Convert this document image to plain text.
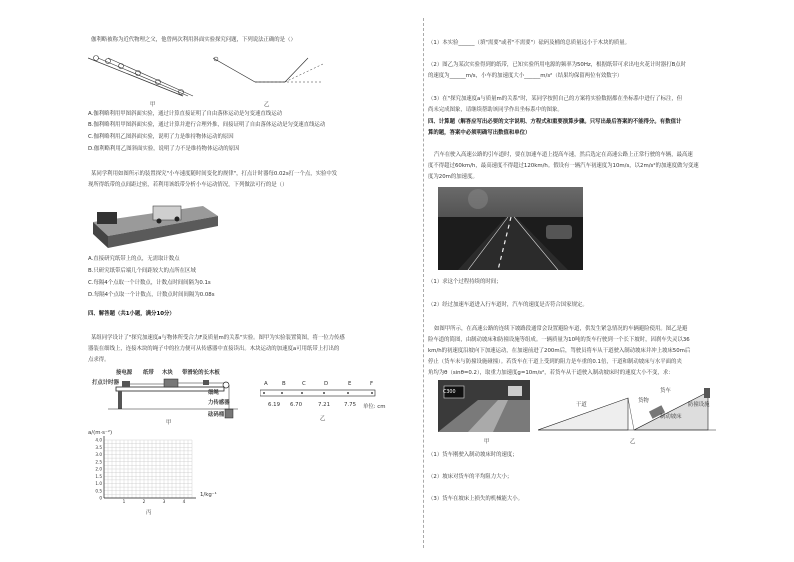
伽利略被称为近代物理之父，他曾两次利用斜面实验探究问题，下列说法正确的是（）
甲	乙
A.伽利略利用甲图斜面实验，通过计算直接证明了自由落体运动是匀变速直线运动
B.伽利略利用甲图斜面实验，通过计算并进行合理外推，间接证明了自由落体运动是匀变速直线运动
C.伽利略利用乙图斜面实验，说明了力是维持物体运动的原因
D.伽利略利用乙图斜面实验，说明了力不是维持物体运动的原因
某同学利用如图所示的装置探究"小车速度随时间变化的规律"，打点计时器每0.02s打一个点，实验中发
现所得纸带的点间距过密，若利用该纸带分析小车运动情况，下列做法可行的是（）
A.直接研究纸带上的点，无需取计数点
B.只研究纸带后端几个间距较大的点所在区域
C.每隔4个点取一个计数点，计数点时间间隔为0.1s
D.每隔4个点取一个计数点，计数点时间间隔为0.08s
四、解答题（共1小题，满分10分）
某组同学设计了"探究加速度a与物体所受合力F及质量m的关系"实验。图甲为实验装置简图，将一位力传感
器装在细线上，连接木块的绳子中的拉力便可从传感器中直接读出。木块运动的加速度a可用纸带上打出的
点求得。
接电源 纸带 木块 带滑轮的长木板
打点计时器
细绳
力传感器
砝码桶
A	B	C	D	E	F
6.19 6.70	7.21	7.75 单位: cm
甲
乙
a/(m·s⁻²)
4.0
3.5
3.0
2.5
2.0
1.5
1.0
0.5
0
1	2	3	4
1/kg⁻¹
丙
（1）本实验______（填"需要"或者"不需要"）砝码及桶的总质量远小于木块的质量。
（2）图乙为某次实验得到的纸带，已知实验所用电源的频率为50Hz，根据纸带可求出电火花计时器打B点时
的速度为______m/s，小车的加速度大小______m/s²（结果均保留两位有效数字）
（3）在"探究加速度a与质量m的关系"时，某同学按照自己的方案将实验数据都在坐标系中进行了标注，但
尚未完成图象，请继续帮助该同学作出坐标系中的图象。
四、计算题（解答应写出必要的文字说明、方程式和重要演算步骤。只写出最后答案的不能得分。有数值计
算的题，答案中必须明确写出数值和单位）
汽车在驶入高速公路的引车道时，要在加速车道上提高车速，然后选定在高速公路上正常行驶的车辆，最高速
度不得超过60km/h，最高速度不得超过120km/h。假设有一辆汽车初速度为10m/s，以2m/s²的加速度做匀变速
度为20m的加速度。
（1）求这个过程持续的时间；
（2）经过加速车道进入行车道时，汽车的速度是否符合国家规定。
如图甲所示，在高速公路的连续下坡路段通常会设置避险车道，供发生紧急情况的车辆避险使用。图乙是避
险车道的简图，由制动坡床和防撞设施等组成。一辆质量为10吨的货车行驶到一个长下坡时，因刹车失灵以36
km/h的初速度沿坡向下加速运动，在加速前进了200m后，驾驶员将车从干道驶入制动坡床并冲上坡床50m后
停止（货车未与防撞设施碰撞）。若货车在干道上受到的阻力是车重的0.1倍，干道和制动坡床与水平面的夹
角均为θ（sinθ=0.2），取重力加速度g=10m/s²，若货车从干道驶入制动坡床时的速度大小不变，求：
C300	货车
干道
货物
制动坡床
防撞设施
甲	乙
（1）货车刚驶入制动坡床时的速度；
（2）坡床对货车的平均阻力大小；
（3）货车在坡床上损失的机械能大小。
